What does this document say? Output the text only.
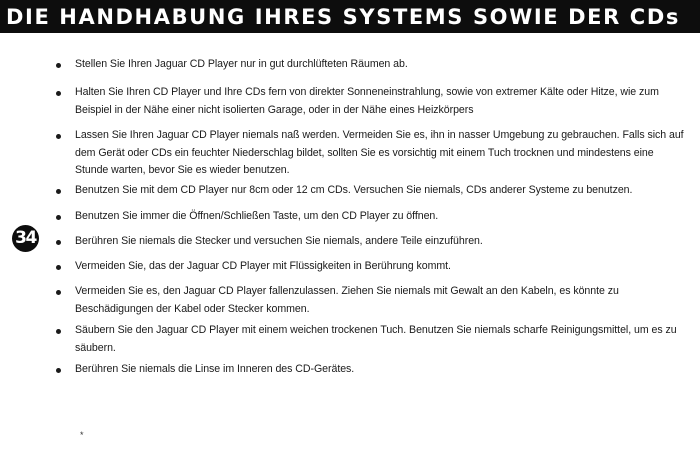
DIE HANDHABUNG IHRES SYSTEMS SOWIE DER CDs
34
Stellen Sie Ihren Jaguar CD Player nur in gut durchlüfteten Räumen ab.
Halten Sie Ihren CD Player und Ihre CDs fern von direkter Sonneneinstrahlung, sowie von extremer Kälte oder Hitze, wie zum Beispiel in der Nähe einer nicht isolierten Garage, oder in der Nähe eines Heizkörpers
Lassen Sie Ihren Jaguar CD Player niemals naß werden. Vermeiden Sie es, ihn in nasser Umgebung zu gebrauchen. Falls sich auf dem Gerät oder CDs ein feuchter Niederschlag bildet, sollten Sie es vorsichtig mit einem Tuch trocknen und mindestens eine Stunde warten, bevor Sie es wieder benutzen.
Benutzen Sie mit dem CD Player nur 8cm oder 12 cm CDs. Versuchen Sie niemals, CDs anderer Systeme zu benutzen.
Benutzen Sie immer die Öffnen/Schließen Taste, um den CD Player zu öffnen.
Berühren Sie niemals die Stecker und versuchen Sie niemals, andere Teile einzuführen.
Vermeiden Sie, das der Jaguar CD Player mit Flüssigkeiten in Berührung kommt.
Vermeiden Sie es, den Jaguar CD Player fallenzulassen. Ziehen Sie niemals mit Gewalt an den Kabeln, es könnte zu Beschädigungen der Kabel oder Stecker kommen.
Säubern Sie den Jaguar CD Player mit einem weichen trockenen Tuch. Benutzen Sie niemals scharfe Reinigungsmittel, um es zu säubern.
Berühren Sie niemals die Linse im Inneren des CD-Gerätes.
*
